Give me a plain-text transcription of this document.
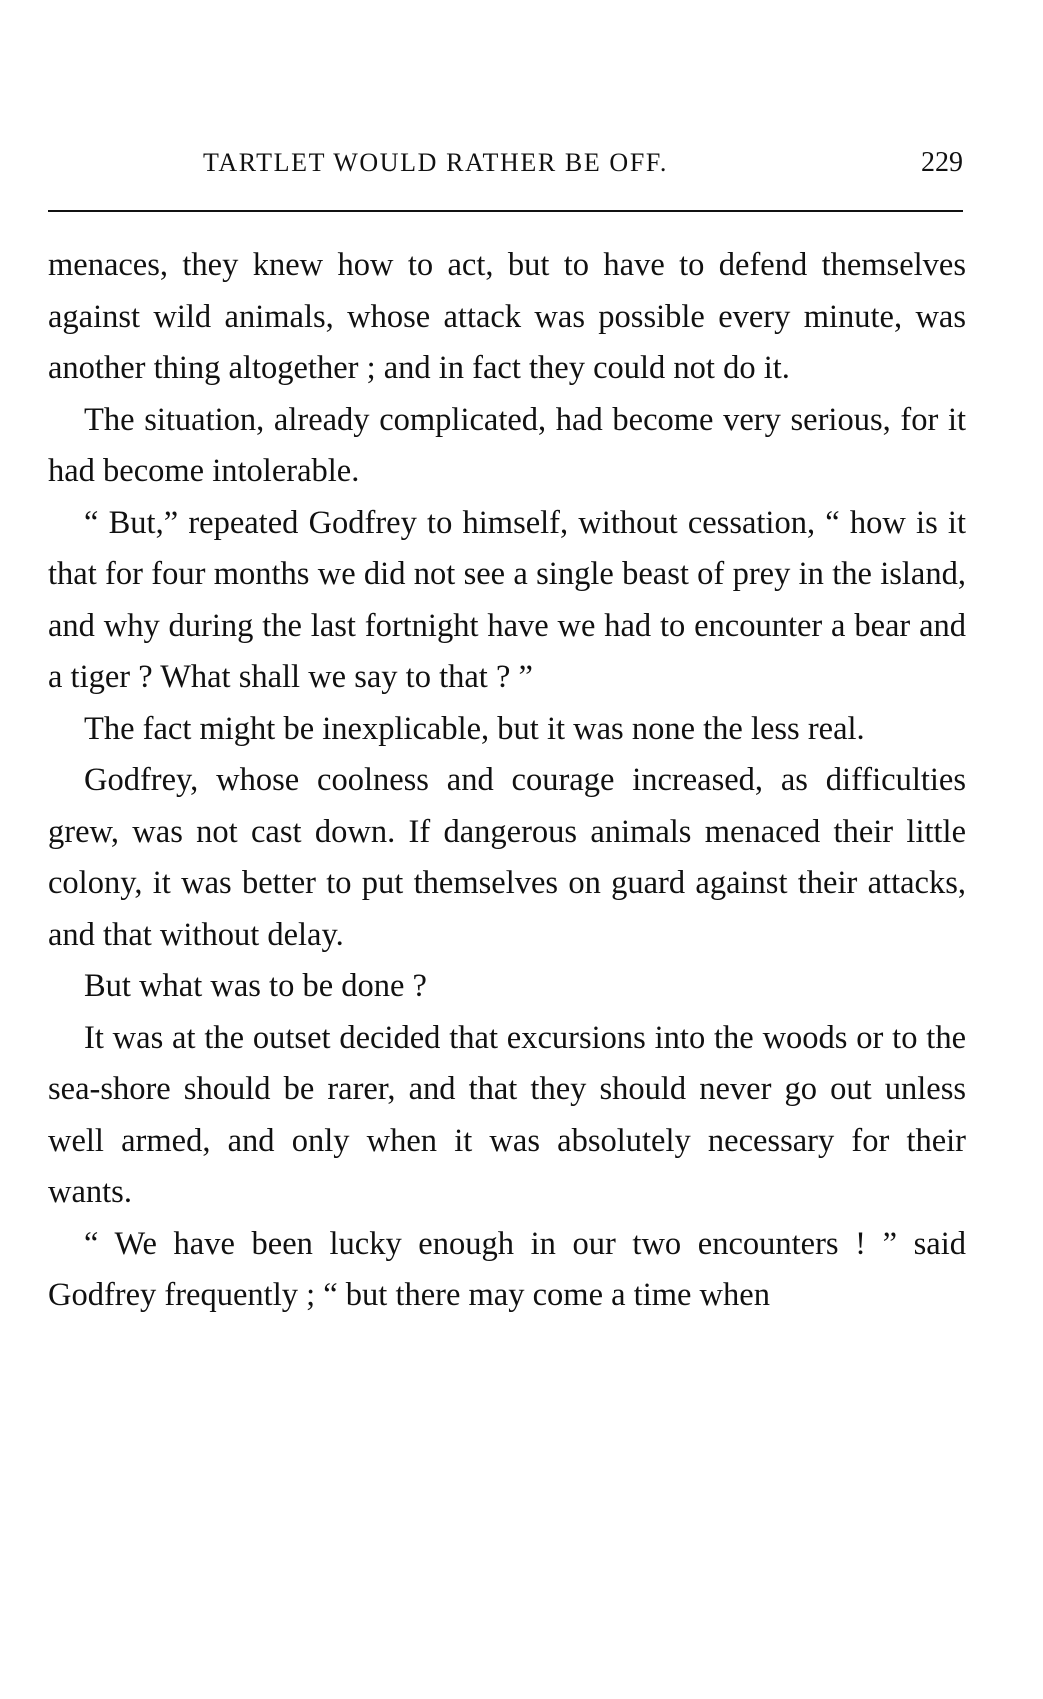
TARTLET WOULD RATHER BE OFF.	229

menaces, they knew how to act, but to have to defend themselves against wild animals, whose attack was possible every minute, was another thing altogether ; and in fact they could not do it.

The situation, already complicated, had become very serious, for it had become intolerable.

“ But,” repeated Godfrey to himself, without cessation, “ how is it that for four months we did not see a single beast of prey in the island, and why during the last fortnight have we had to encounter a bear and a tiger ? What shall we say to that ? ”

The fact might be inexplicable, but it was none the less real.

Godfrey, whose coolness and courage increased, as difficulties grew, was not cast down. If dangerous animals menaced their little colony, it was better to put themselves on guard against their attacks, and that without delay.

But what was to be done ?

It was at the outset decided that excursions into the woods or to the sea-shore should be rarer, and that they should never go out unless well armed, and only when it was absolutely necessary for their wants.

“ We have been lucky enough in our two encounters ! ” said Godfrey frequently ; “ but there may come a time when
